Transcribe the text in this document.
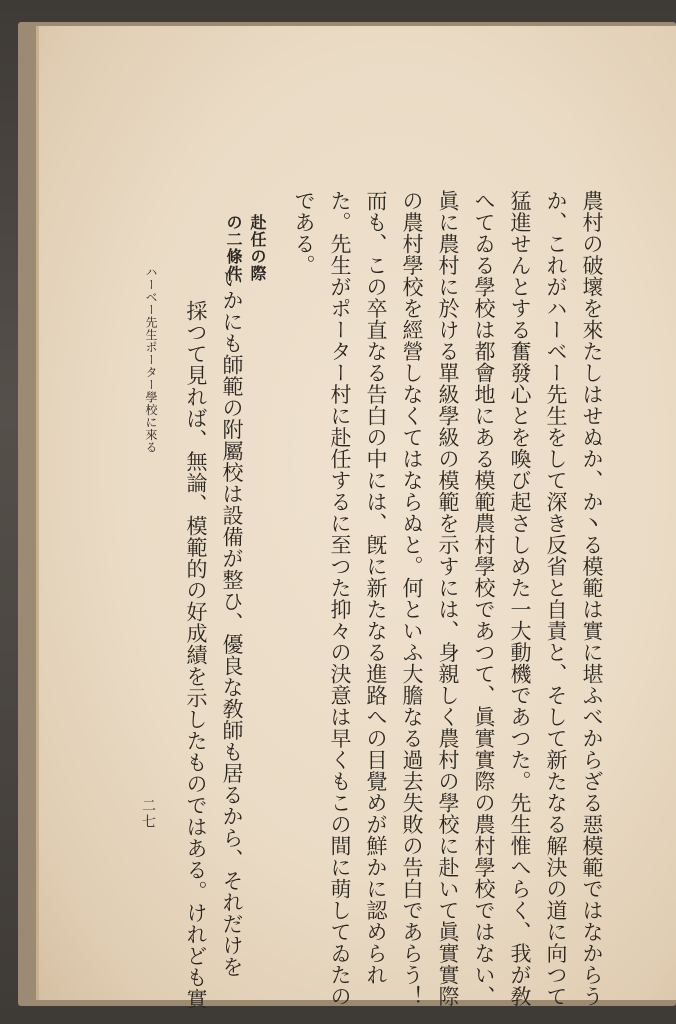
農村の破壞を來たしはせぬか、か丶る模範は實に堪ふべからざる惡模範ではなからう
か、これがハーベー先生をして深き反省と自責と、そして新たなる解決の道に向つて
猛進せんとする奮發心とを喚び起さしめた一大動機であつた。先生惟へらく、我が敎
へてゐる學校は都會地にある模範農村學校であつて、眞實實際の農村學校ではない、
眞に農村に於ける單級學級の模範を示すには、身親しく農村の學校に赴いて眞實實際
の農村學校を經營しなくてはならぬと。何といふ大膽なる過去失敗の告白であらう！
而も、この卒直なる告白の中には、旣に新たなる進路への目覺めが鮮かに認められ
た。先生がポーター村に赴任するに至つた抑々の決意は早くもこの間に萌してゐたの
である。
赴任の際
の二條件
いかにも師範の附屬校は設備が整ひ、優良な敎師も居るから、それだけを
採つて見れば、無論、模範的の好成績を示したものではある。けれども實
ハーベー先生ポーター學校に來る
二七
